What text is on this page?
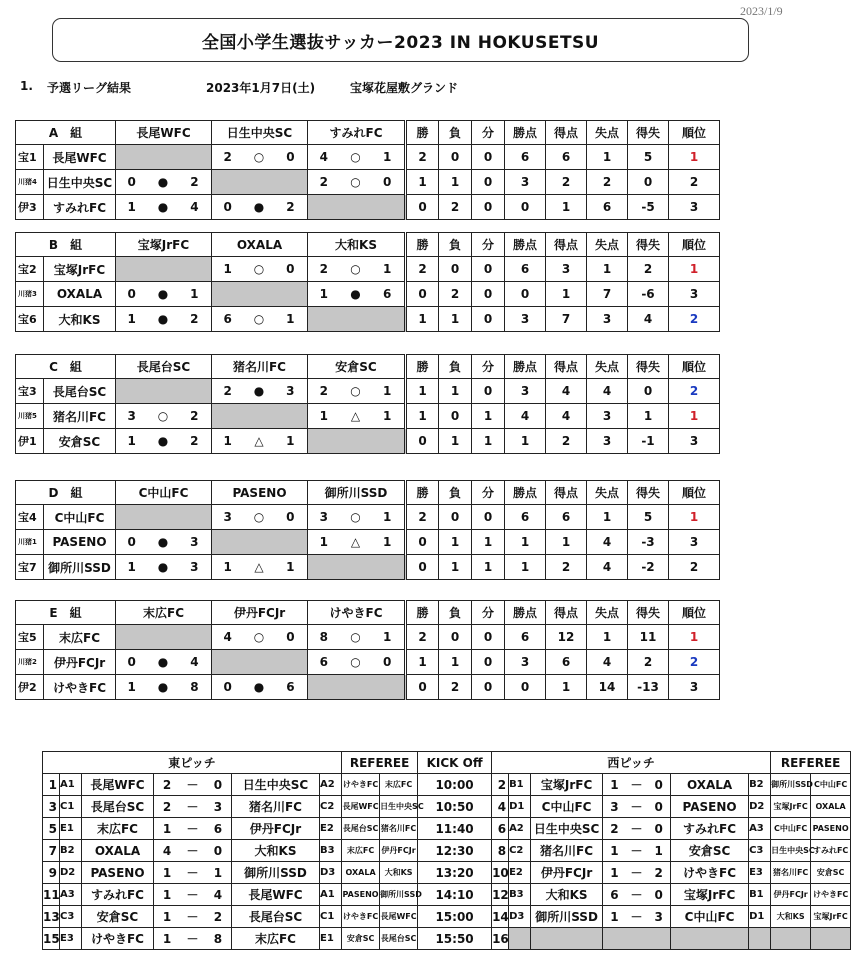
2023/1/9
全国小学生選抜サッカー2023 IN HOKUSETSU
1. 予選リーグ結果	2023年1月7日(土)	宝塚花屋敷グランド
A　組		長尾WFC	日生中央SC	すみれFC	勝	負	分	勝点	得点	失点	得失	順位
宝1	長尾WFC		2 ○ 0	4 ○ 1	2	0	0	6	6	1	5	1
川猪4	日生中央SC	0 ● 2		2 ○ 0	1	1	0	3	2	2	0	2
伊3	すみれFC	1 ● 4	0 ● 2		0	2	0	0	1	6	-5	3
B　組		宝塚JrFC	OXALA	大和KS	勝	負	分	勝点	得点	失点	得失	順位
宝2	宝塚JrFC		1 ○ 0	2 ○ 1	2	0	0	6	3	1	2	1
川猪3	OXALA	0 ● 1		1 ● 6	0	2	0	0	1	7	-6	3
宝6	大和KS	1 ● 2	6 ○ 1		1	1	0	3	7	3	4	2
C　組		長尾台SC	猪名川FC	安倉SC	勝	負	分	勝点	得点	失点	得失	順位
宝3	長尾台SC		2 ● 3	2 ○ 1	1	1	0	3	4	4	0	2
川猪5	猪名川FC	3 ○ 2		1 △ 1	1	0	1	4	4	3	1	1
伊1	安倉SC	1 ● 2	1 △ 1		0	1	1	1	2	3	-1	3
D　組		C中山FC	PASENO	御所川SSD	勝	負	分	勝点	得点	失点	得失	順位
宝4	C中山FC		3 ○ 0	3 ○ 1	2	0	0	6	6	1	5	1
川猪1	PASENO	0 ● 3		1 △ 1	0	1	1	1	1	4	-3	3
宝7	御所川SSD	1 ● 3	1 △ 1		0	1	1	1	2	4	-2	2
E　組		末広FC	伊丹FCJr	けやきFC	勝	負	分	勝点	得点	失点	得失	順位
宝5	末広FC		4 ○ 0	8 ○ 1	2	0	0	6	12	1	11	1
川猪2	伊丹FCJr	0 ● 4		6 ○ 0	1	1	0	3	6	4	2	2
伊2	けやきFC	1 ● 8	0 ● 6		0	2	0	0	1	14	-13	3
東ピッチ						REFEREE		KICK Off	西ピッチ						REFEREE	
1	A1	長尾WFC	2 － 0	日生中央SC	A2	けやきFC	末広FC	10:00	2	B1	宝塚JrFC	1 － 0	OXALA	B2	御所川SSD	C中山FC
3	C1	長尾台SC	2 － 3	猪名川FC	C2	長尾WFC	日生中央SC	10:50	4	D1	C中山FC	3 － 0	PASENO	D2	宝塚JrFC	OXALA
5	E1	末広FC	1 － 6	伊丹FCJr	E2	長尾台SC	猪名川FC	11:40	6	A2	日生中央SC	2 － 0	すみれFC	A3	C中山FC	PASENO
7	B2	OXALA	4 － 0	大和KS	B3	末広FC	伊丹FCJr	12:30	8	C2	猪名川FC	1 － 1	安倉SC	C3	日生中央SC	すみれFC
9	D2	PASENO	1 － 1	御所川SSD	D3	OXALA	大和KS	13:20	10	E2	伊丹FCJr	1 － 2	けやきFC	E3	猪名川FC	安倉SC
11	A3	すみれFC	1 － 4	長尾WFC	A1	PASENO	御所川SSD	14:10	12	B3	大和KS	6 － 0	宝塚JrFC	B1	伊丹FCJr	けやきFC
13	C3	安倉SC	1 － 2	長尾台SC	C1	けやきFC	長尾WFC	15:00	14	D3	御所川SSD	1 － 3	C中山FC	D1	大和KS	宝塚JrFC
15	E3	けやきFC	1 － 8	末広FC	E1	安倉SC	長尾台SC	15:50	16							
